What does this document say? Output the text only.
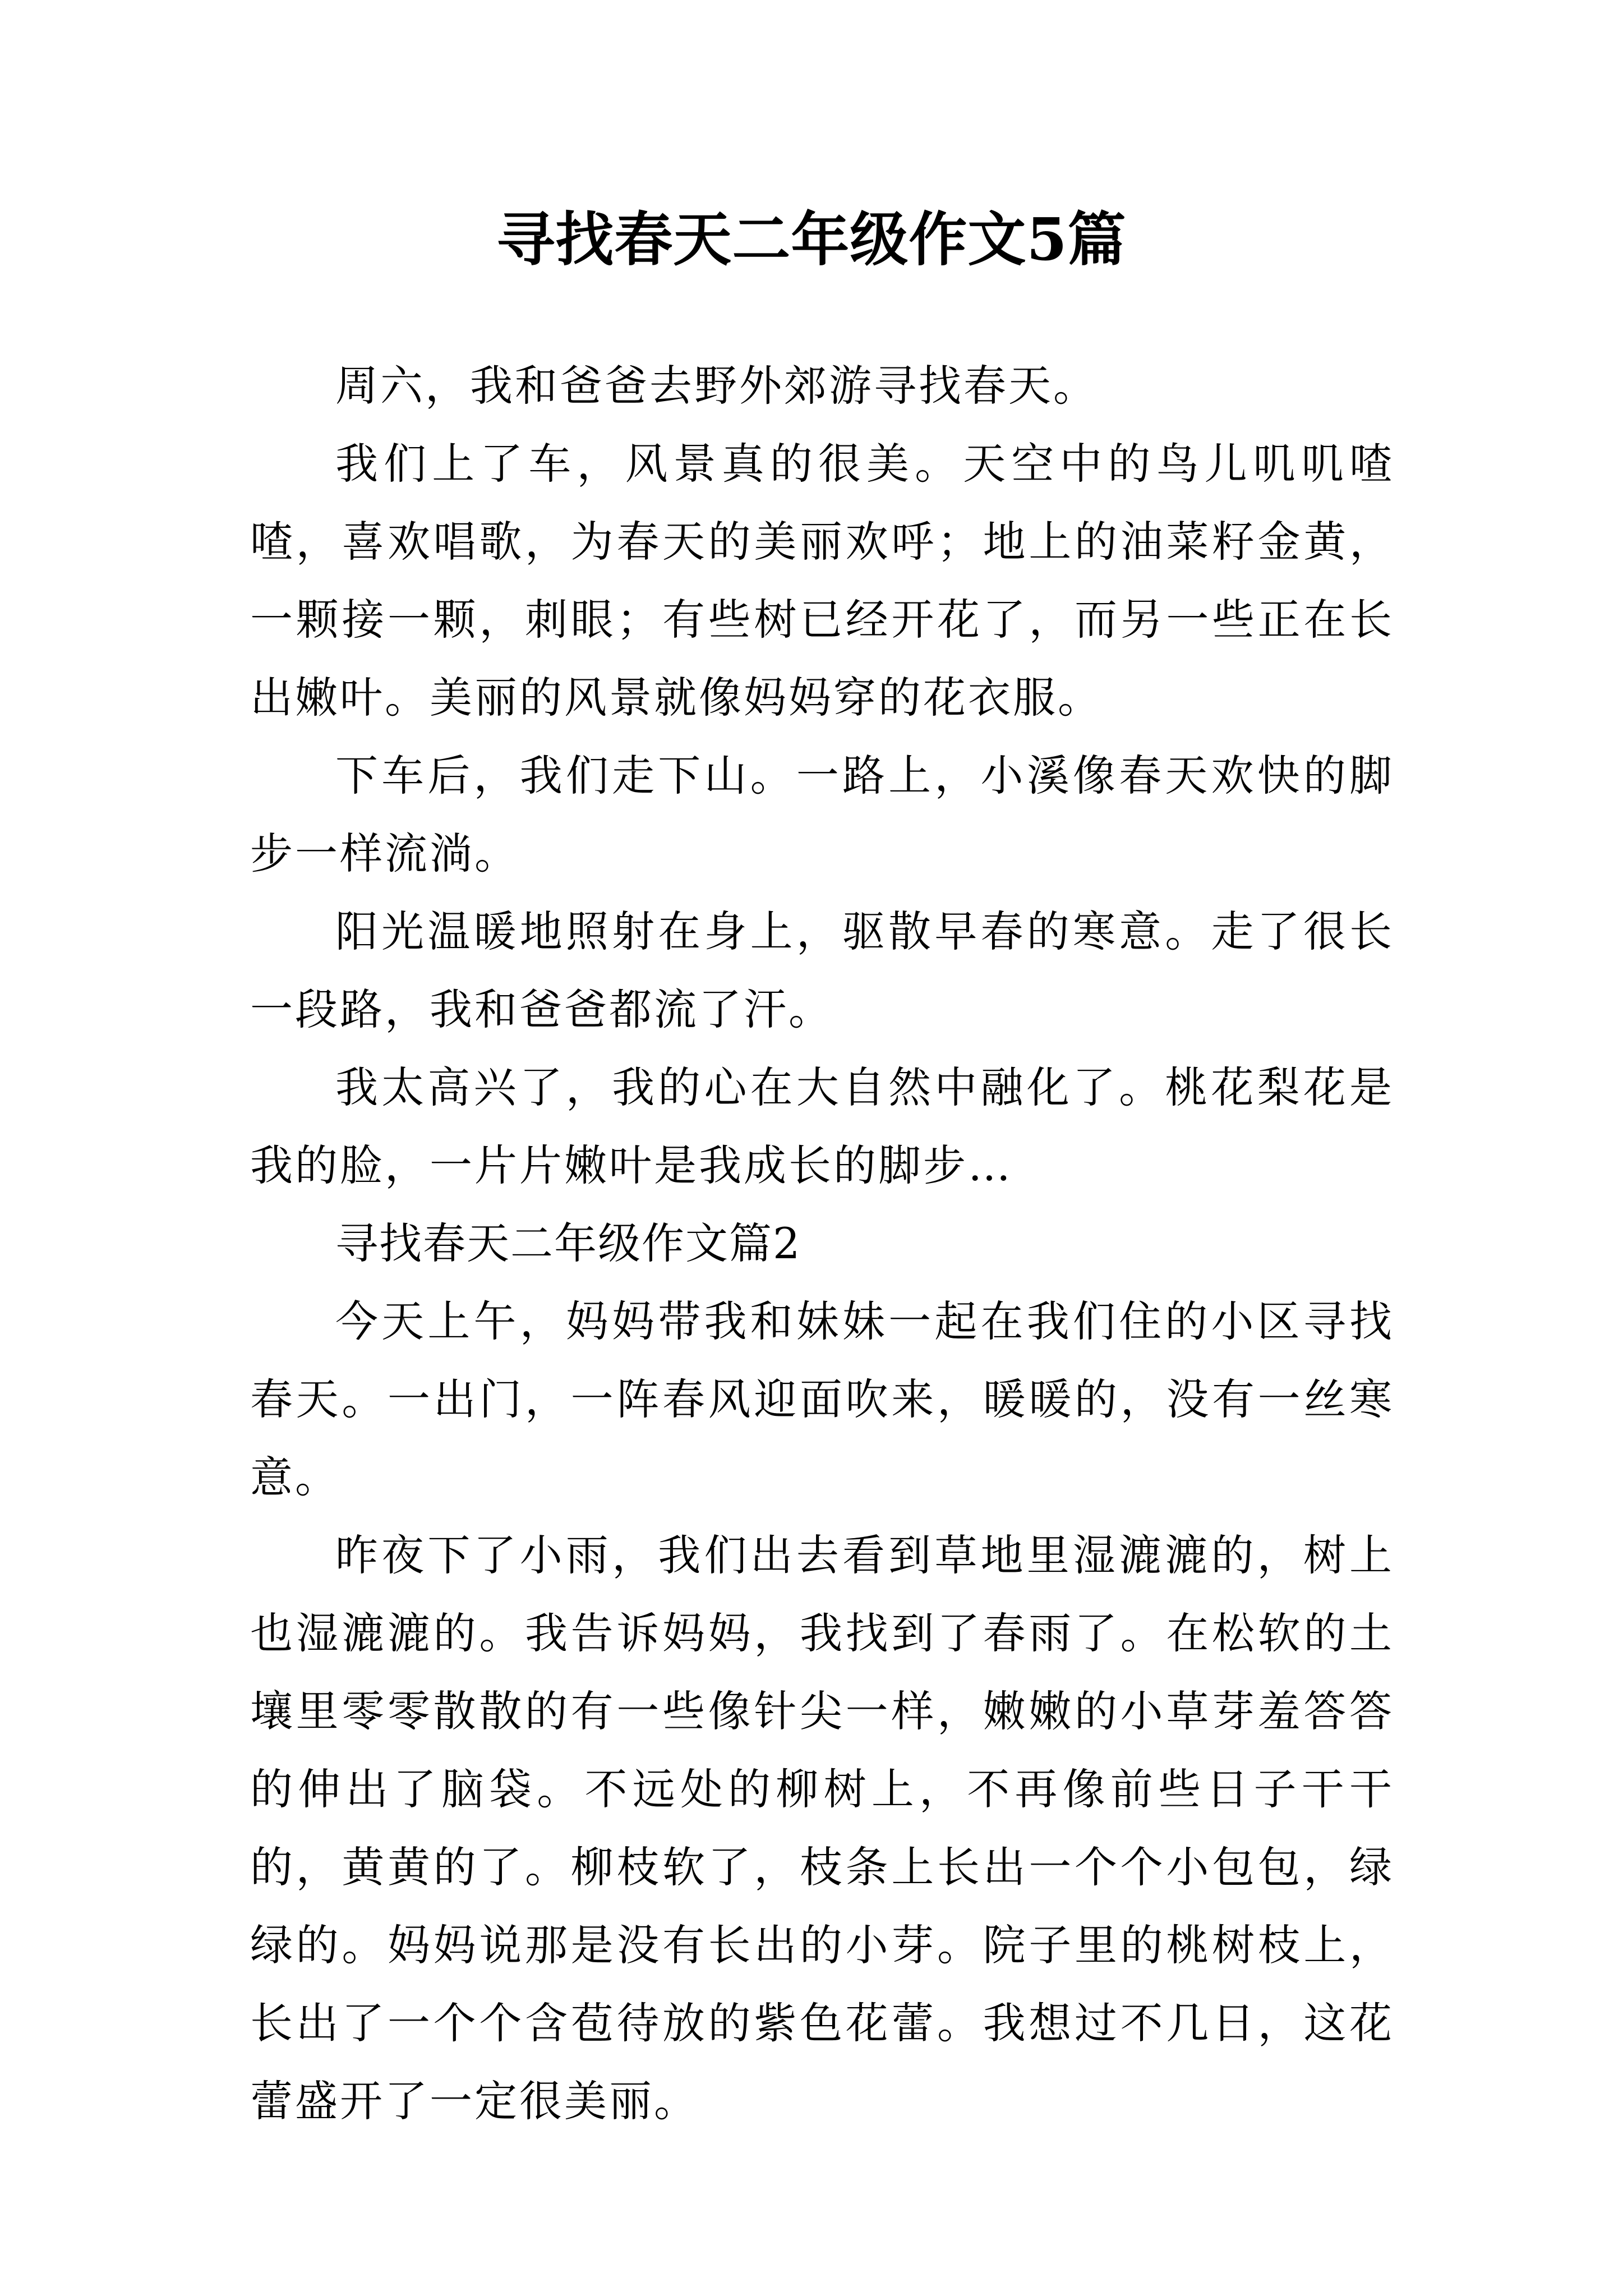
寻找春天二年级作文5篇

周六，我和爸爸去野外郊游寻找春天。

我们上了车，风景真的很美。天空中的鸟儿叽叽喳喳，喜欢唱歌，为春天的美丽欢呼；地上的油菜籽金黄，一颗接一颗，刺眼；有些树已经开花了，而另一些正在长出嫩叶。美丽的风景就像妈妈穿的花衣服。

下车后，我们走下山。一路上，小溪像春天欢快的脚步一样流淌。

阳光温暖地照射在身上，驱散早春的寒意。走了很长一段路，我和爸爸都流了汗。

我太高兴了，我的心在大自然中融化了。桃花梨花是我的脸，一片片嫩叶是我成长的脚步…

寻找春天二年级作文篇2

今天上午，妈妈带我和妹妹一起在我们住的小区寻找春天。一出门，一阵春风迎面吹来，暖暖的，没有一丝寒意。

昨夜下了小雨，我们出去看到草地里湿漉漉的，树上也湿漉漉的。我告诉妈妈，我找到了春雨了。在松软的土壤里零零散散的有一些像针尖一样，嫩嫩的小草芽羞答答的伸出了脑袋。不远处的柳树上，不再像前些日子干干的，黄黄的了。柳枝软了，枝条上长出一个个小包包，绿绿的。妈妈说那是没有长出的小芽。院子里的桃树枝上，长出了一个个含苞待放的紫色花蕾。我想过不几日，这花蕾盛开了一定很美丽。
